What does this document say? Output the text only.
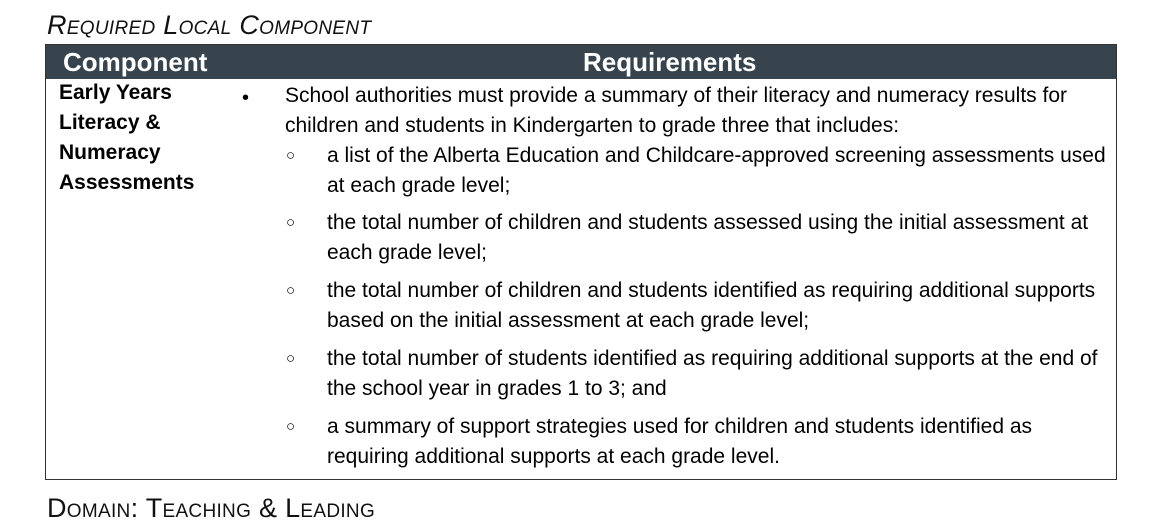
Required Local Component
Component	Requirements
Early Years
Literacy &
Numeracy
Assessments
• School authorities must provide a summary of their literacy and numeracy results for children and students in Kindergarten to grade three that includes:
○ a list of the Alberta Education and Childcare-approved screening assessments used at each grade level;
○ the total number of children and students assessed using the initial assessment at each grade level;
○ the total number of children and students identified as requiring additional supports based on the initial assessment at each grade level;
○ the total number of students identified as requiring additional supports at the end of the school year in grades 1 to 3; and
○ a summary of support strategies used for children and students identified as requiring additional supports at each grade level.
Domain: Teaching & Leading
